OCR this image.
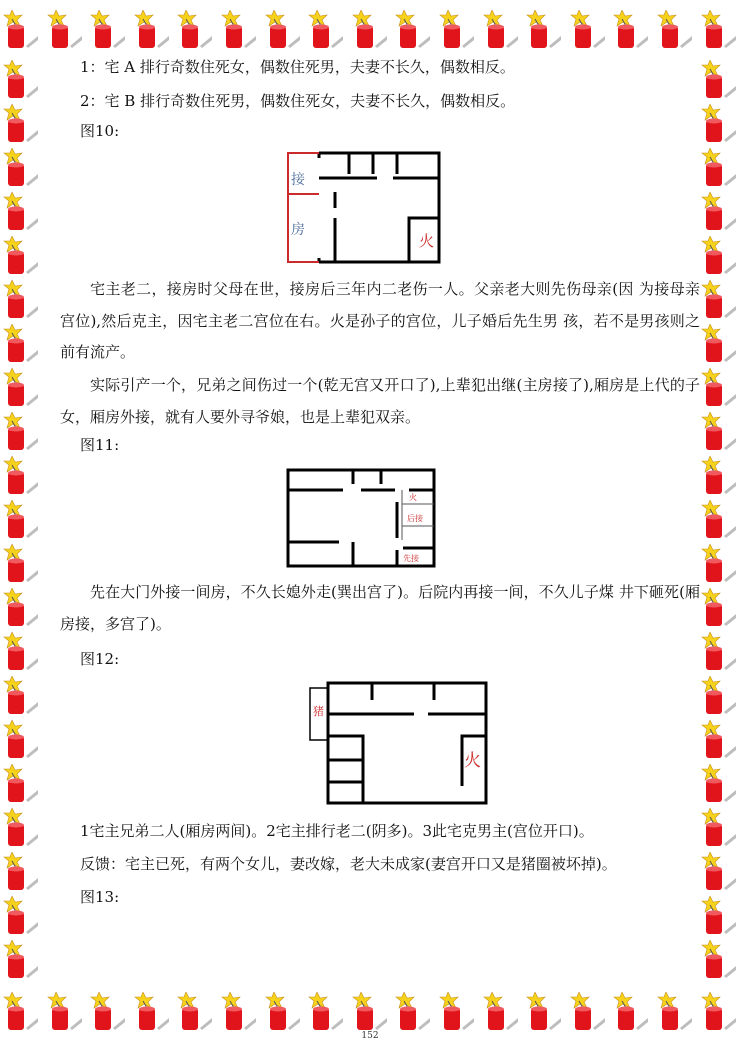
1：宅 A 排行奇数住死女，偶数住死男，夫妻不长久，偶数相反。

2：宅 B 排行奇数住死男，偶数住死女，夫妻不长久，偶数相反。

图10:

接
房
火

宅主老二，接房时父母在世，接房后三年内二老伤一人。父亲老大则先伤母亲(因 为接母亲宫位),然后克主，因宅主老二宫位在右。火是孙子的宫位，儿子婚后先生男 孩，若不是男孩则之前有流产。

实际引产一个，兄弟之间伤过一个(乾无宫又开口了),上辈犯出继(主房接了),厢房是上代的子女，厢房外接，就有人要外寻爷娘，也是上辈犯双亲。

图11:

火
后接
先接

先在大门外接一间房，不久长媳外走(巽出宫了)。后院内再接一间，不久儿子煤 井下砸死(厢房接，多宫了)。

图12:

猪
火

1宅主兄弟二人(厢房两间)。2宅主排行老二(阴多)。3此宅克男主(宫位开口)。

反馈：宅主已死，有两个女儿，妻改嫁，老大未成家(妻宫开口又是猪圈被坏掉)。

图13:

152
